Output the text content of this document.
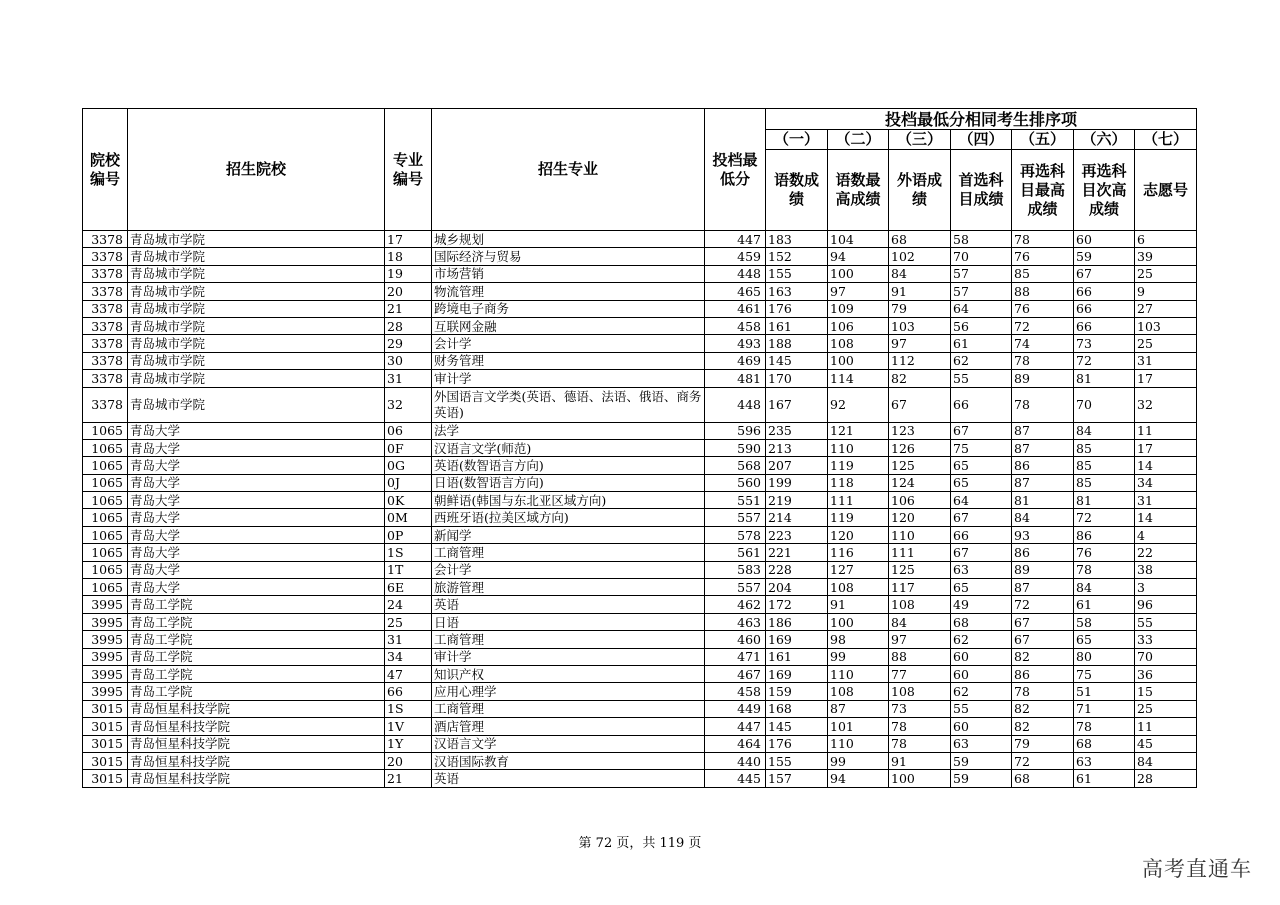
院校编号	招生院校	专业编号	招生专业	投档最低分	投档最低分相同考生排序项						
					（一）	（二）	（三）	（四）	（五）	（六）	（七）
					语数成绩	语数最高成绩	外语成绩	首选科目成绩	再选科目最高成绩	再选科目次高成绩	志愿号
3378	青岛城市学院	17	城乡规划	447	183	104	68	58	78	60	6
3378	青岛城市学院	18	国际经济与贸易	459	152	94	102	70	76	59	39
3378	青岛城市学院	19	市场营销	448	155	100	84	57	85	67	25
3378	青岛城市学院	20	物流管理	465	163	97	91	57	88	66	9
3378	青岛城市学院	21	跨境电子商务	461	176	109	79	64	76	66	27
3378	青岛城市学院	28	互联网金融	458	161	106	103	56	72	66	103
3378	青岛城市学院	29	会计学	493	188	108	97	61	74	73	25
3378	青岛城市学院	30	财务管理	469	145	100	112	62	78	72	31
3378	青岛城市学院	31	审计学	481	170	114	82	55	89	81	17
3378	青岛城市学院	32	外国语言文学类(英语、德语、法语、俄语、商务英语)	448	167	92	67	66	78	70	32
1065	青岛大学	06	法学	596	235	121	123	67	87	84	11
1065	青岛大学	0F	汉语言文学(师范)	590	213	110	126	75	87	85	17
1065	青岛大学	0G	英语(数智语言方向)	568	207	119	125	65	86	85	14
1065	青岛大学	0J	日语(数智语言方向)	560	199	118	124	65	87	85	34
1065	青岛大学	0K	朝鲜语(韩国与东北亚区域方向)	551	219	111	106	64	81	81	31
1065	青岛大学	0M	西班牙语(拉美区域方向)	557	214	119	120	67	84	72	14
1065	青岛大学	0P	新闻学	578	223	120	110	66	93	86	4
1065	青岛大学	1S	工商管理	561	221	116	111	67	86	76	22
1065	青岛大学	1T	会计学	583	228	127	125	63	89	78	38
1065	青岛大学	6E	旅游管理	557	204	108	117	65	87	84	3
3995	青岛工学院	24	英语	462	172	91	108	49	72	61	96
3995	青岛工学院	25	日语	463	186	100	84	68	67	58	55
3995	青岛工学院	31	工商管理	460	169	98	97	62	67	65	33
3995	青岛工学院	34	审计学	471	161	99	88	60	82	80	70
3995	青岛工学院	47	知识产权	467	169	110	77	60	86	75	36
3995	青岛工学院	66	应用心理学	458	159	108	108	62	78	51	15
3015	青岛恒星科技学院	1S	工商管理	449	168	87	73	55	82	71	25
3015	青岛恒星科技学院	1V	酒店管理	447	145	101	78	60	82	78	11
3015	青岛恒星科技学院	1Y	汉语言文学	464	176	110	78	63	79	68	45
3015	青岛恒星科技学院	20	汉语国际教育	440	155	99	91	59	72	63	84
3015	青岛恒星科技学院	21	英语	445	157	94	100	59	68	61	28
第 72 页，共 119 页
高考直通车
